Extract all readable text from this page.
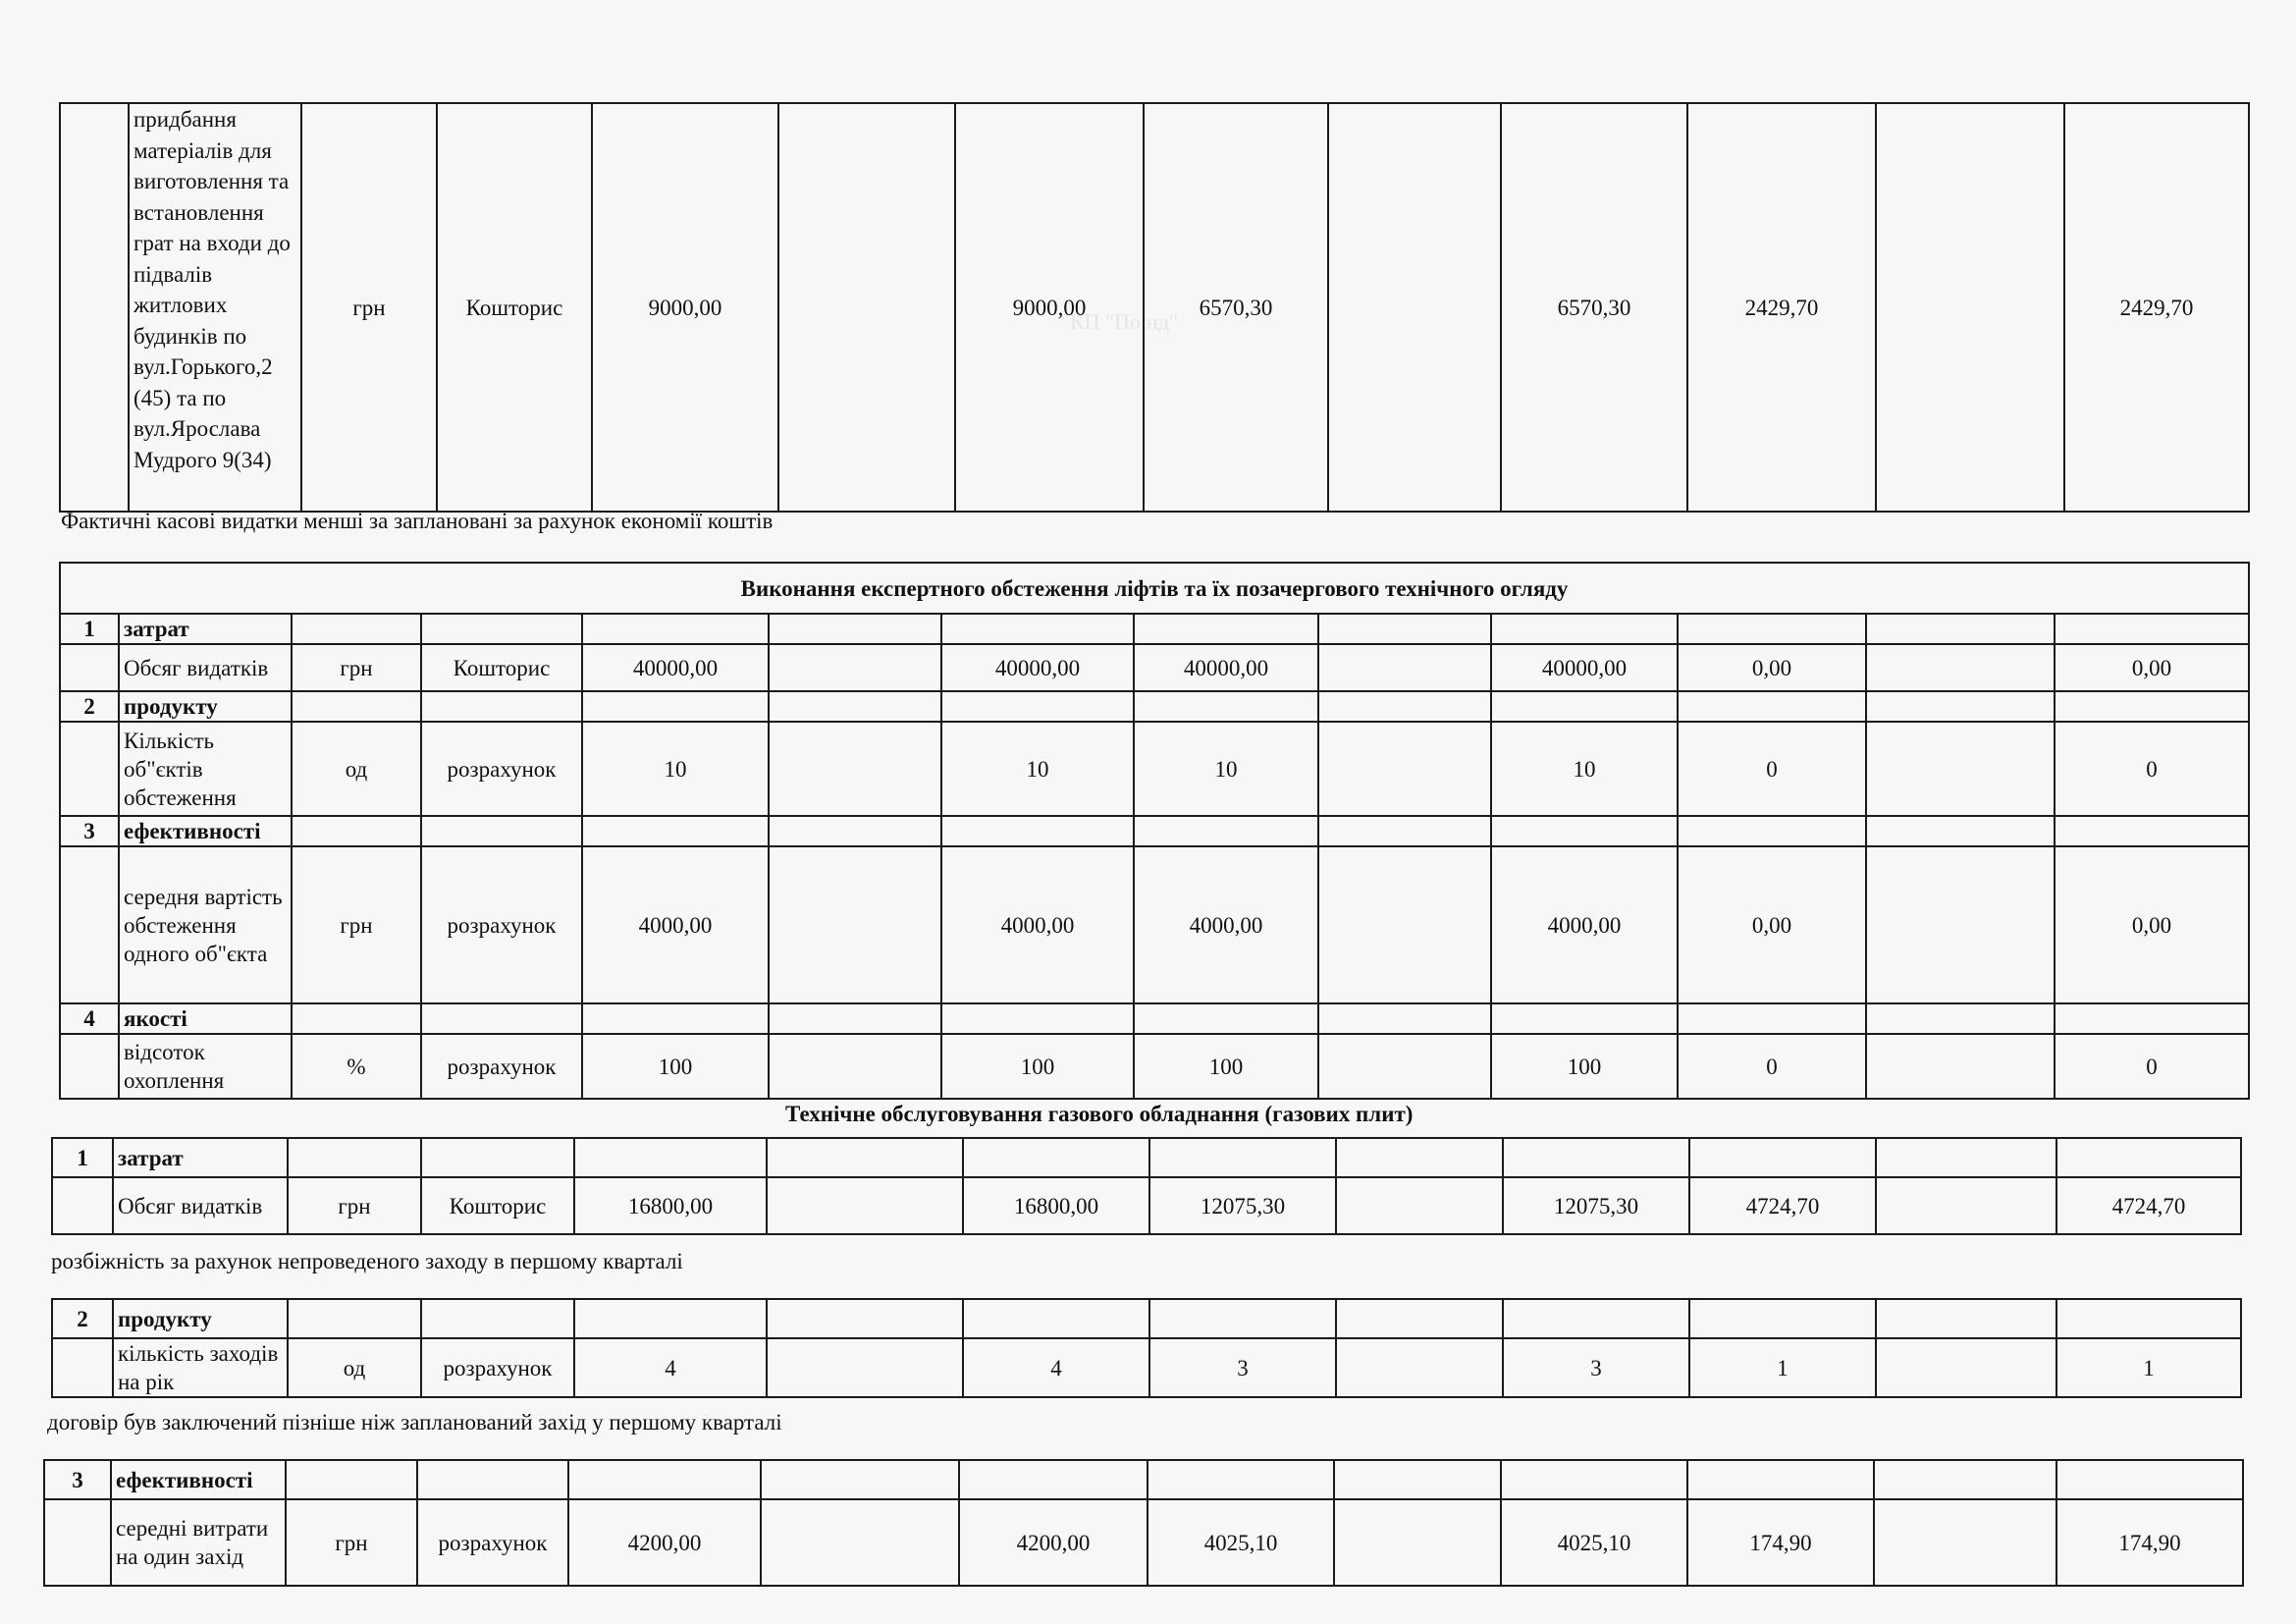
КП "Поінд"
	придбання матеріалів для виготовлення та встановлення грат на входи до підвалів житлових будинків по вул.Горького,2 (45) та по вул.Ярослава Мудрого 9(34)	грн	Кошторис	9000,00		9000,00	6570,30		6570,30	2429,70		2429,70
Фактичні касові видатки менші за заплановані за рахунок економії коштів
Виконання експертного обстеження ліфтів та їх позачергового технічного огляду												
1	затрат											
	Обсяг видатків	грн	Кошторис	40000,00		40000,00	40000,00		40000,00	0,00		0,00
2	продукту											
	Кількість об"єктів обстеження	од	розрахунок	10		10	10		10	0		0
3	ефективності											
	середня вартість обстеження одного об"єкта	грн	розрахунок	4000,00		4000,00	4000,00		4000,00	0,00		0,00
4	якості											
	відсоток охоплення	%	розрахунок	100		100	100		100	0		0
Технічне обслуговування газового обладнання (газових плит)
1	затрат											
	Обсяг видатків	грн	Кошторис	16800,00		16800,00	12075,30		12075,30	4724,70		4724,70
розбіжність за рахунок непроведеного заходу в першому кварталі
2	продукту											
	кількість заходів на рік	од	розрахунок	4		4	3		3	1		1
договір був заключений пізніше ніж запланований захід у першому кварталі
3	ефективності											
	середні витрати на один захід	грн	розрахунок	4200,00		4200,00	4025,10		4025,10	174,90		174,90
